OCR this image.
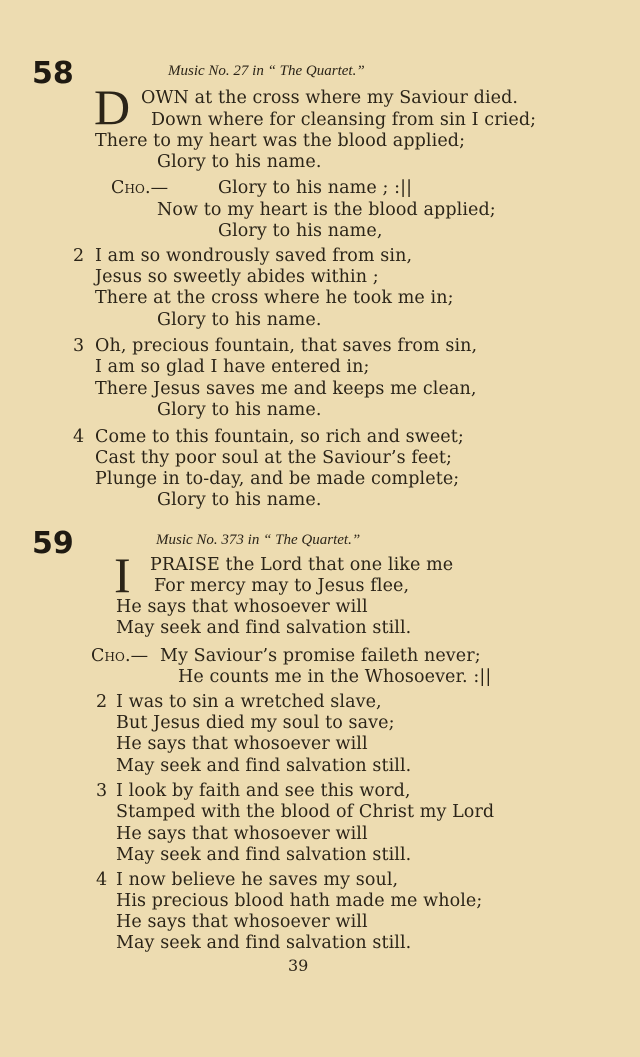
58	Music No. 27 in “ The Quartet.”
D OWN at the cross where my Saviour died.
Down where for cleansing from sin I cried;
There to my heart was the blood applied;
Glory to his name.
Cho.—	Glory to his name ; :||
Now to my heart is the blood applied;
Glory to his name,
2 I am so wondrously saved from sin,
Jesus so sweetly abides within ;
There at the cross where he took me in;
Glory to his name.
3 Oh, precious fountain, that saves from sin,
I am so glad I have entered in;
There Jesus saves me and keeps me clean,
Glory to his name.
4 Come to this fountain, so rich and sweet;
Cast thy poor soul at the Saviour’s feet;
Plunge in to-day, and be made complete;
Glory to his name.
59	Music No. 373 in “ The Quartet.”
I PRAISE the Lord that one like me
For mercy may to Jesus flee,
He says that whosoever will
May seek and find salvation still.
Cho.— My Saviour’s promise faileth never;
He counts me in the Whosoever. :||
2 I was to sin a wretched slave,
But Jesus died my soul to save;
He says that whosoever will
May seek and find salvation still.
3 I look by faith and see this word,
Stamped with the blood of Christ my Lord
He says that whosoever will
May seek and find salvation still.
4 I now believe he saves my soul,
His precious blood hath made me whole;
He says that whosoever will
May seek and find salvation still.
39
